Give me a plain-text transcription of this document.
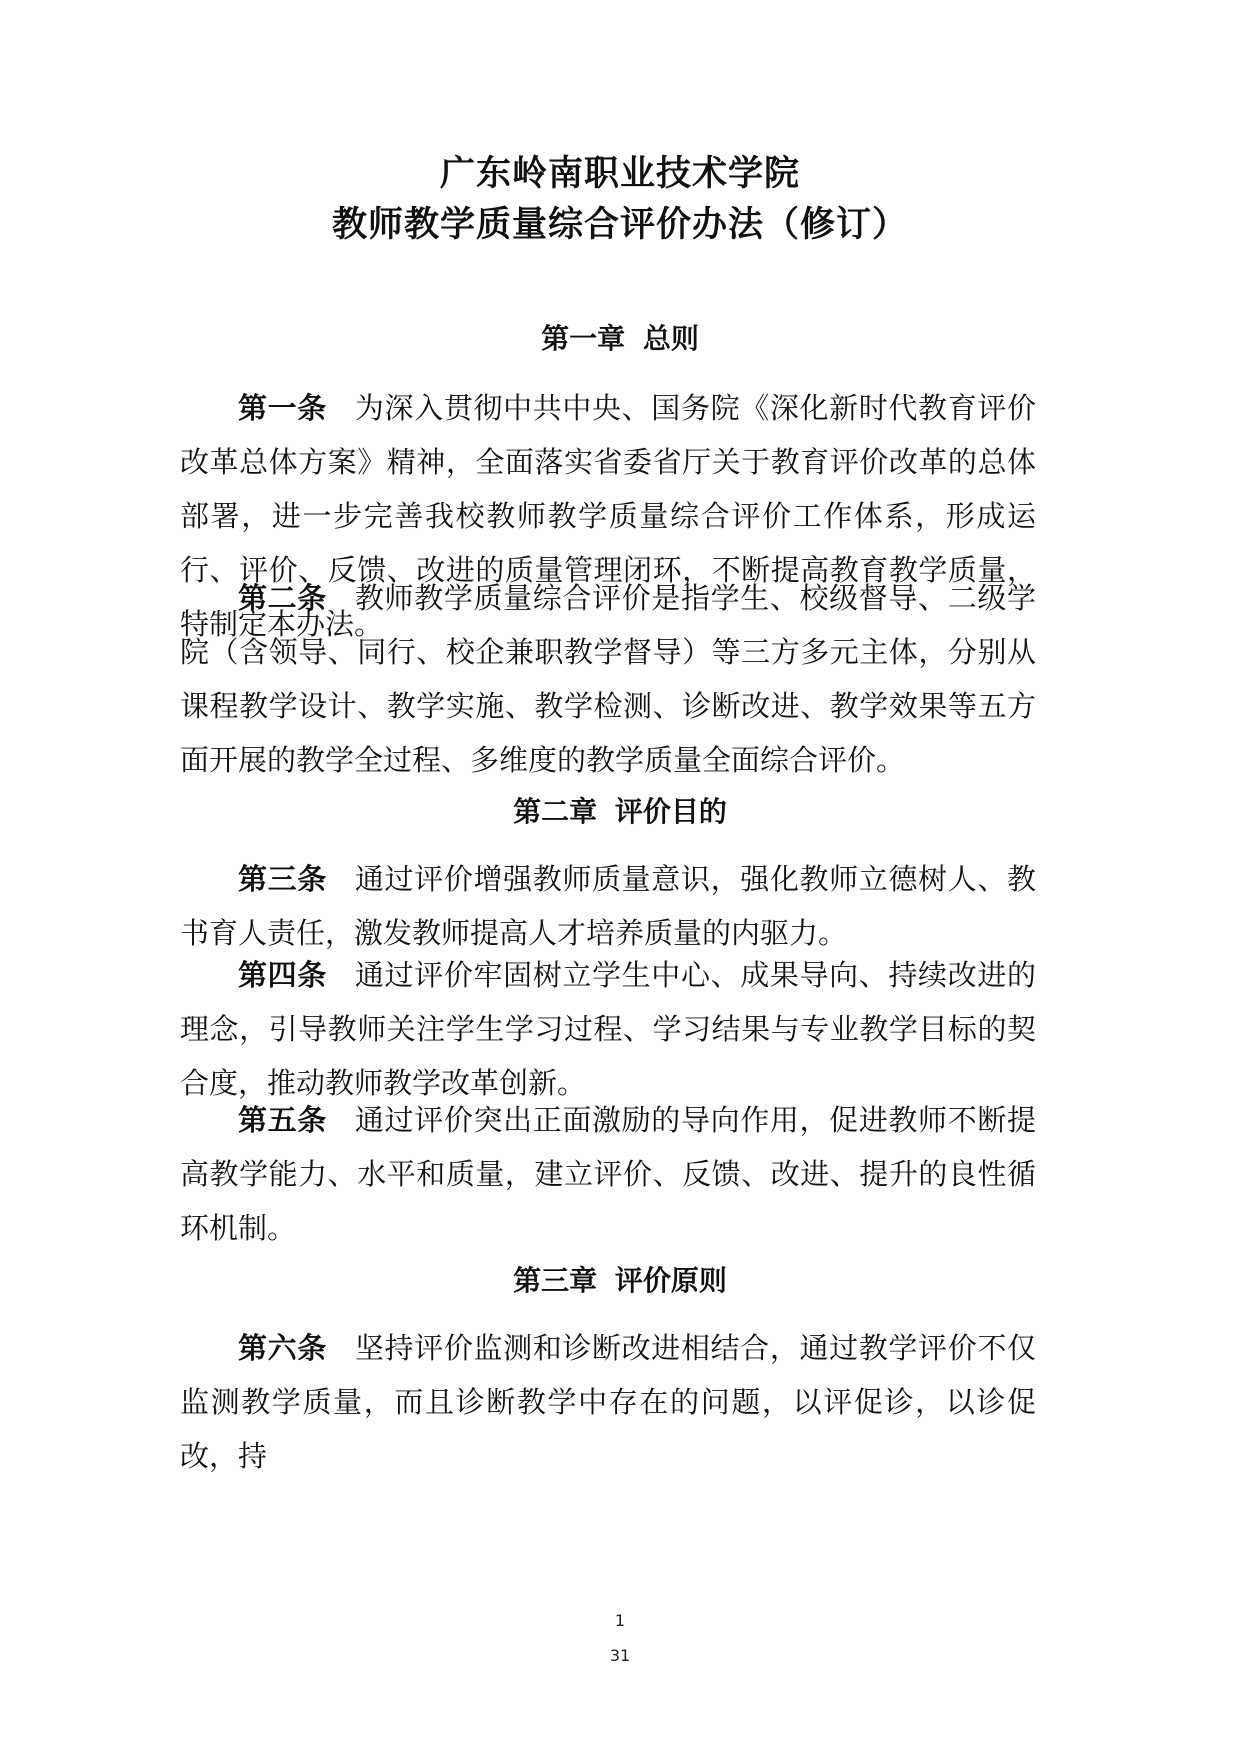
广东岭南职业技术学院
教师教学质量综合评价办法（修订）
第一章 总则

第一条 为深入贯彻中共中央、国务院《深化新时代教育评价改革总体方案》精神，全面落实省委省厅关于教育评价改革的总体部署，进一步完善我校教师教学质量综合评价工作体系，形成运行、评价、反馈、改进的质量管理闭环，不断提高教育教学质量，特制定本办法。

第二条 教师教学质量综合评价是指学生、校级督导、二级学院（含领导、同行、校企兼职教学督导）等三方多元主体，分别从课程教学设计、教学实施、教学检测、诊断改进、教学效果等五方面开展的教学全过程、多维度的教学质量全面综合评价。

第二章 评价目的

第三条 通过评价增强教师质量意识，强化教师立德树人、教书育人责任，激发教师提高人才培养质量的内驱力。

第四条 通过评价牢固树立学生中心、成果导向、持续改进的理念，引导教师关注学生学习过程、学习结果与专业教学目标的契合度，推动教师教学改革创新。

第五条 通过评价突出正面激励的导向作用，促进教师不断提高教学能力、水平和质量，建立评价、反馈、改进、提升的良性循环机制。

第三章 评价原则

第六条 坚持评价监测和诊断改进相结合，通过教学评价不仅监测教学质量，而且诊断教学中存在的问题，以评促诊，以诊促改，持

1
31
